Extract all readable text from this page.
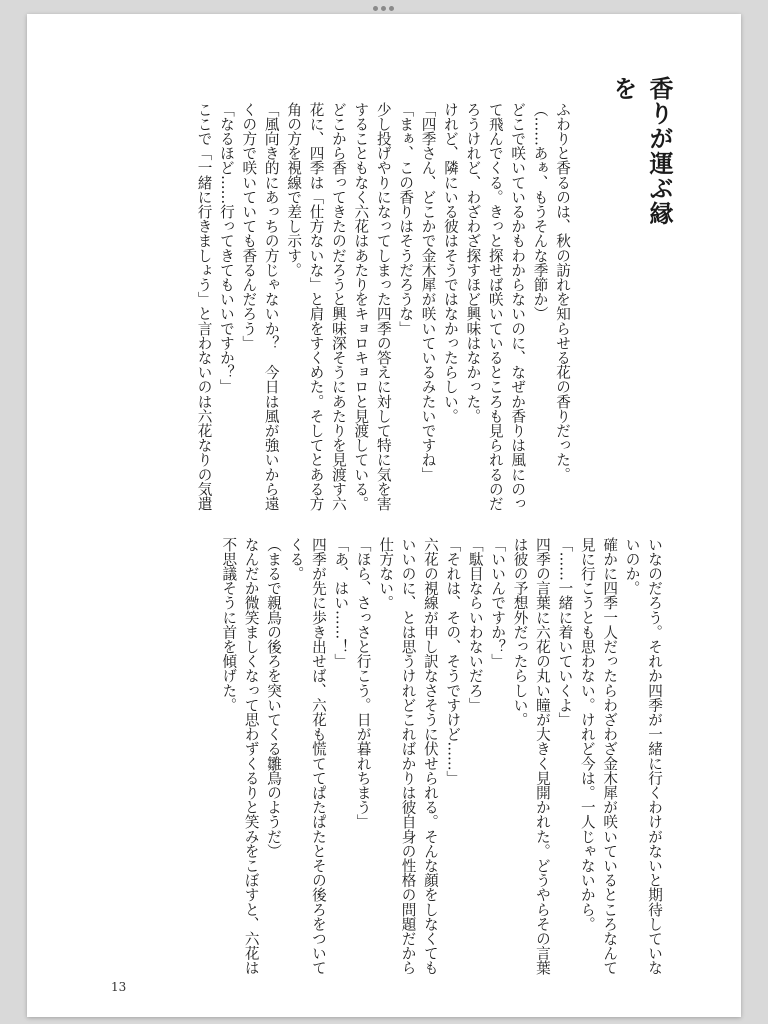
香りが運ぶ縁を

ふわりと香るのは、秋の訪れを知らせる花の香りだった。

（……あぁ、もうそんな季節か）

どこで咲いているかもわからないのに、なぜか香りは風にのって飛んでくる。きっと探せば咲いているところも見られるのだろうけれど、わざわざ探すほど興味はなかった。

けれど、隣にいる彼はそうではなかったらしい。

「四季さん、どこかで金木犀が咲いているみたいですね」

「まぁ、この香りはそうだろうな」

少し投げやりになってしまった四季の答えに対して特に気を害することもなく六花はあたりをキョロキョロと見渡している。どこから香ってきたのだろうと興味深そうにあたりを見渡す六花に、四季は「仕方ないな」と肩をすくめた。そしてとある方角の方を視線で差し示す。

「風向き的にあっちの方じゃないか？　今日は風が強いから遠くの方で咲いていても香るんだろう」

「なるほど……行ってきてもいいですか？」

ここで「一緒に行きましょう」と言わないのは六花なりの気遣

いなのだろう。それか四季が一緒に行くわけがないと期待していないのか。

確かに四季一人だったらわざわざ金木犀が咲いているところなんて見に行こうとも思わない。けれど今は。一人じゃないから。

「……一緒に着いていくよ」

四季の言葉に六花の丸い瞳が大きく見開かれた。どうやらその言葉は彼の予想外だったらしい。

「いいんですか？」

「駄目ならいわないだろ」

「それは、その、そうですけど……」

六花の視線が申し訳なさそうに伏せられる。そんな顔をしなくてもいいのに、とは思うけれどこればかりは彼自身の性格の問題だから仕方ない。

「ほら、さっさと行こう。日が暮れちまう」

「あ、はい……！」

四季が先に歩き出せば、六花も慌ててぱたぱたとその後ろをついてくる。

（まるで親鳥の後ろを突いてくる雛鳥のようだ）

なんだか微笑ましくなって思わずくるりと笑みをこぼすと、六花は不思議そうに首を傾げた。

13
